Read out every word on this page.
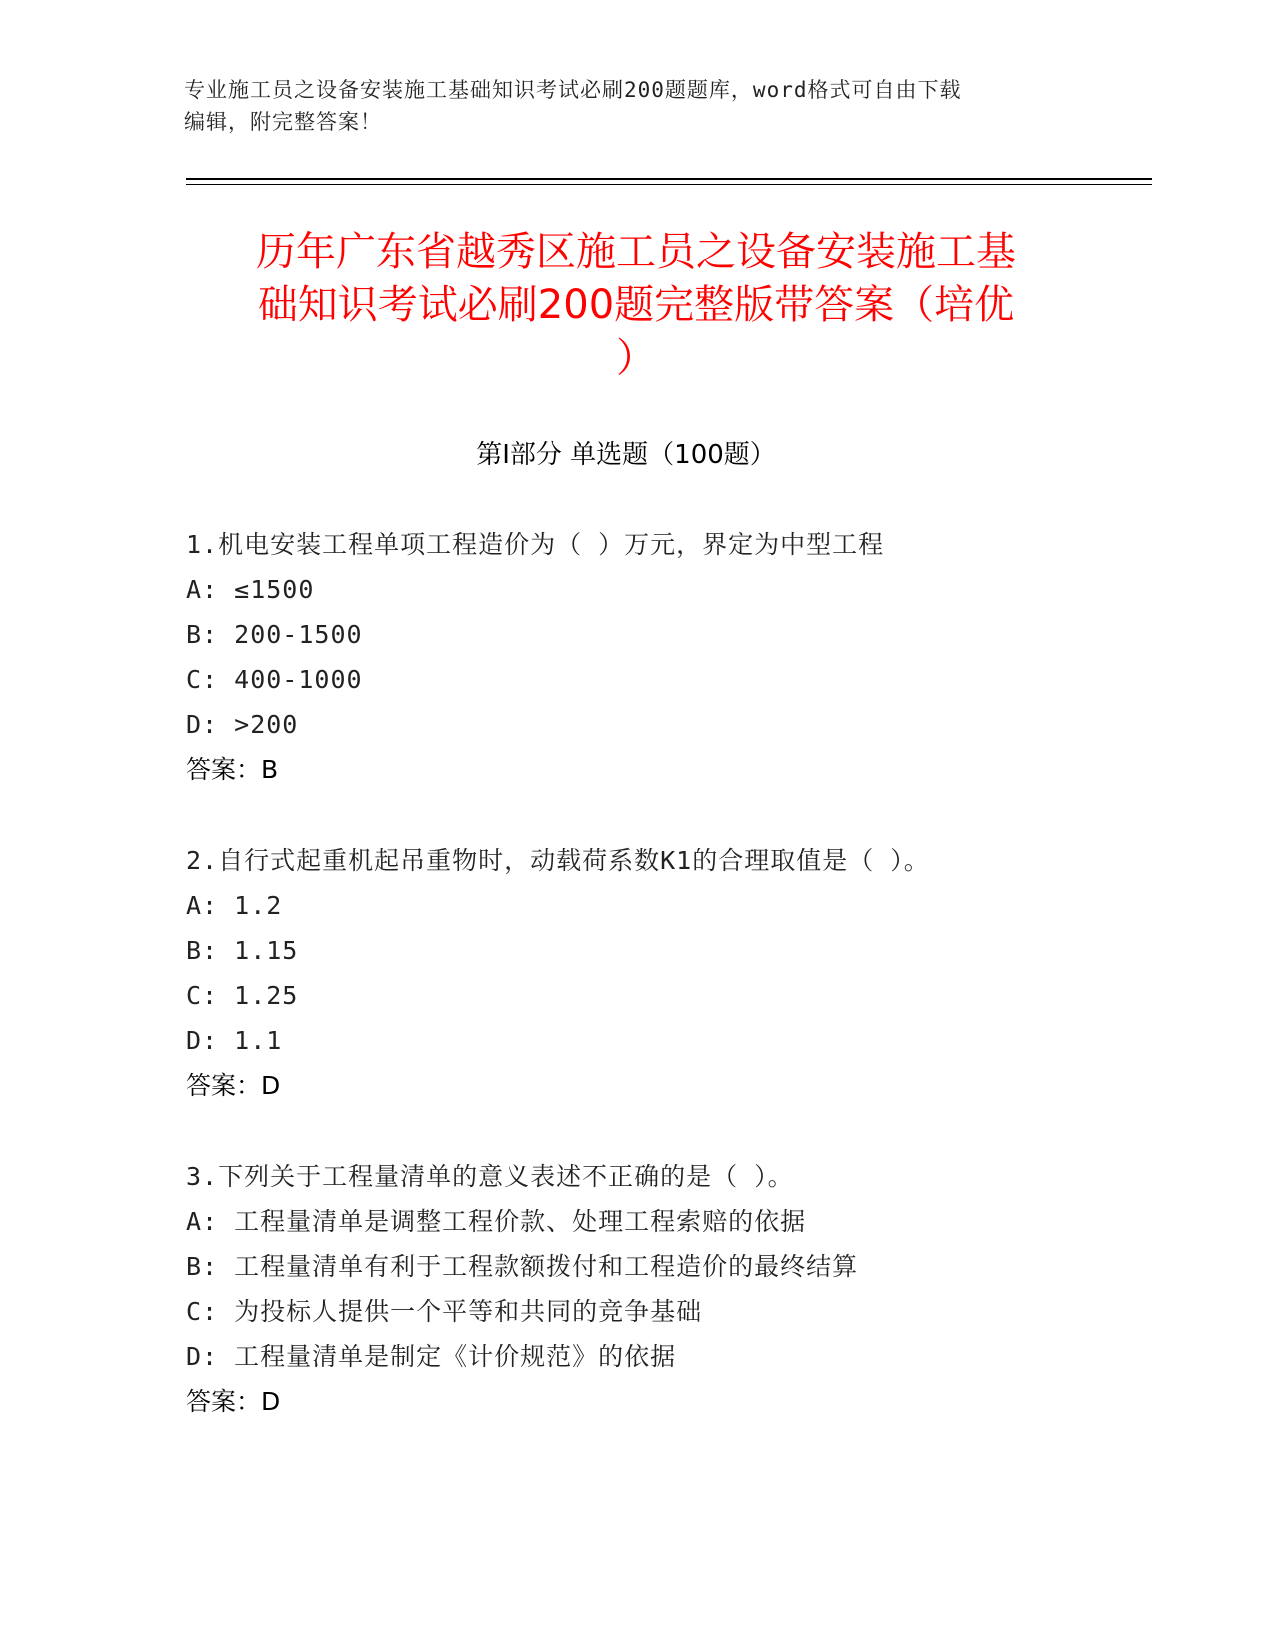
专业施工员之设备安装施工基础知识考试必刷200题题库，word格式可自由下载
编辑，附完整答案！
历年广东省越秀区施工员之设备安装施工基
础知识考试必刷200题完整版带答案（培优
）
第Ⅰ部分 单选题（100题）
1.机电安装工程单项工程造价为（ ）万元，界定为中型工程
A: ≤1500
B: 200-1500
C: 400-1000
D: >200
答案：B
2.自行式起重机起吊重物时，动载荷系数K1的合理取值是（ ）。
A: 1.2
B: 1.15
C: 1.25
D: 1.1
答案：D
3.下列关于工程量清单的意义表述不正确的是（ ）。
A: 工程量清单是调整工程价款、处理工程索赔的依据
B: 工程量清单有利于工程款额拨付和工程造价的最终结算
C: 为投标人提供一个平等和共同的竞争基础
D: 工程量清单是制定《计价规范》的依据
答案：D
